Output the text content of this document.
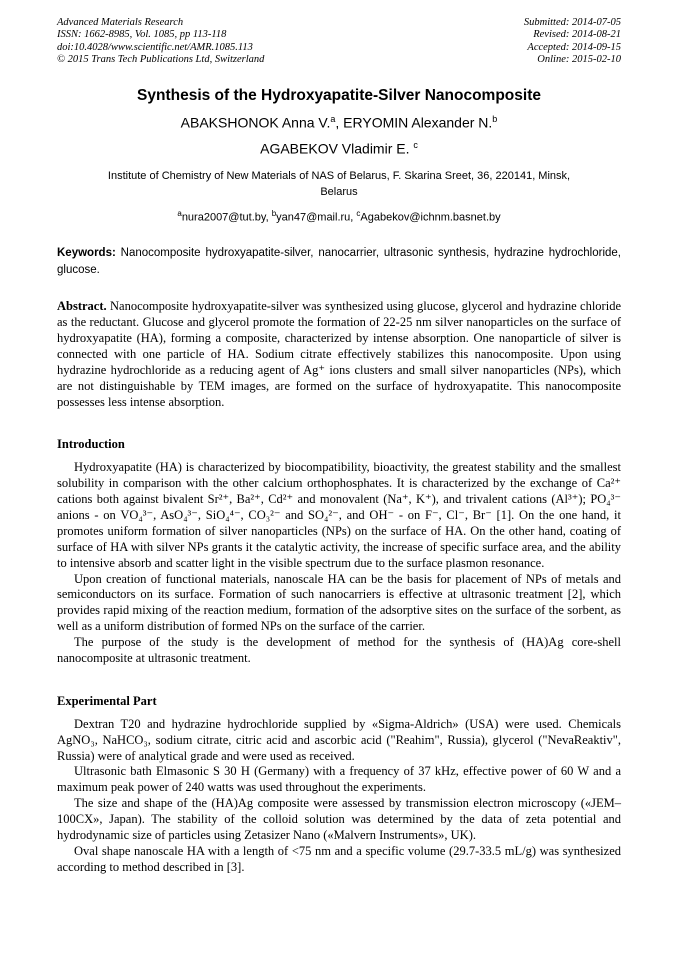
Advanced Materials Research
ISSN: 1662-8985, Vol. 1085, pp 113-118
doi:10.4028/www.scientific.net/AMR.1085.113
© 2015 Trans Tech Publications Ltd, Switzerland
Submitted: 2014-07-05
Revised: 2014-08-21
Accepted: 2014-09-15
Online: 2015-02-10
Synthesis of the Hydroxyapatite-Silver Nanocomposite
ABAKSHONOK Anna V.$^a$, ERYOMIN Alexander N.$^b$
AGABEKOV Vladimir E. $^c$
Institute of Chemistry of New Materials of NAS of Belarus, F. Skarina Sreet, 36, 220141, Minsk, Belarus
$^a$nura2007@tut.by, $^b$yan47@mail.ru, $^c$Agabekov@ichnm.basnet.by

Keywords: Nanocomposite hydroxyapatite-silver, nanocarrier, ultrasonic synthesis, hydrazine hydrochloride, glucose.

Abstract. Nanocomposite hydroxyapatite-silver was synthesized using glucose, glycerol and hydrazine chloride as the reductant. Glucose and glycerol promote the formation of 22-25 nm silver nanoparticles on the surface of hydroxyapatite (HA), forming a composite, characterized by intense absorption. One nanoparticle of silver is connected with one particle of HA. Sodium citrate effectively stabilizes this nanocomposite. Upon using hydrazine hydrochloride as a reducing agent of Ag⁺ ions clusters and small silver nanoparticles (NPs), which are not distinguishable by TEM images, are formed on the surface of hydroxyapatite. This nanocomposite possesses less intense absorption.

Introduction

Hydroxyapatite (HA) is characterized by biocompatibility, bioactivity, the greatest stability and the smallest solubility in comparison with the other calcium orthophosphates. It is characterized by the exchange of Ca²⁺ cations both against bivalent Sr²⁺, Ba²⁺, Cd²⁺ and monovalent (Na⁺, K⁺), and trivalent cations (Al³⁺); PO₄³⁻ anions - on VO₄³⁻, AsO₄³⁻, SiO₄⁴⁻, CO₃²⁻ and SO₄²⁻, and OH⁻ - on F⁻, Cl⁻, Br⁻ [1]. On the one hand, it promotes uniform formation of silver nanoparticles (NPs) on the surface of HA. On the other hand, coating of surface of HA with silver NPs grants it the catalytic activity, the increase of specific surface area, and the ability to intensive absorb and scatter light in the visible spectrum due to the surface plasmon resonance.

Upon creation of functional materials, nanoscale HA can be the basis for placement of NPs of metals and semiconductors on its surface. Formation of such nanocarriers is effective at ultrasonic treatment [2], which provides rapid mixing of the reaction medium, formation of the adsorptive sites on the surface of the sorbent, as well as a uniform distribution of formed NPs on the surface of the carrier.

The purpose of the study is the development of method for the synthesis of (HA)Ag core-shell nanocomposite at ultrasonic treatment.

Experimental Part

Dextran T20 and hydrazine hydrochloride supplied by «Sigma-Aldrich» (USA) were used. Chemicals AgNO₃, NaHCO₃, sodium citrate, citric acid and ascorbic acid ("Reahim", Russia), glycerol ("NevaReaktiv", Russia) were of analytical grade and were used as received.

Ultrasonic bath Elmasonic S 30 H (Germany) with a frequency of 37 kHz, effective power of 60 W and a maximum peak power of 240 watts was used throughout the experiments.

The size and shape of the (HA)Ag composite were assessed by transmission electron microscopy («JEM–100CX», Japan). The stability of the colloid solution was determined by the data of zeta potential and hydrodynamic size of particles using Zetasizer Nano («Malvern Instruments», UK).

Oval shape nanoscale HA with a length of <75 nm and a specific volume (29.7-33.5 mL/g) was synthesized according to method described in [3].
